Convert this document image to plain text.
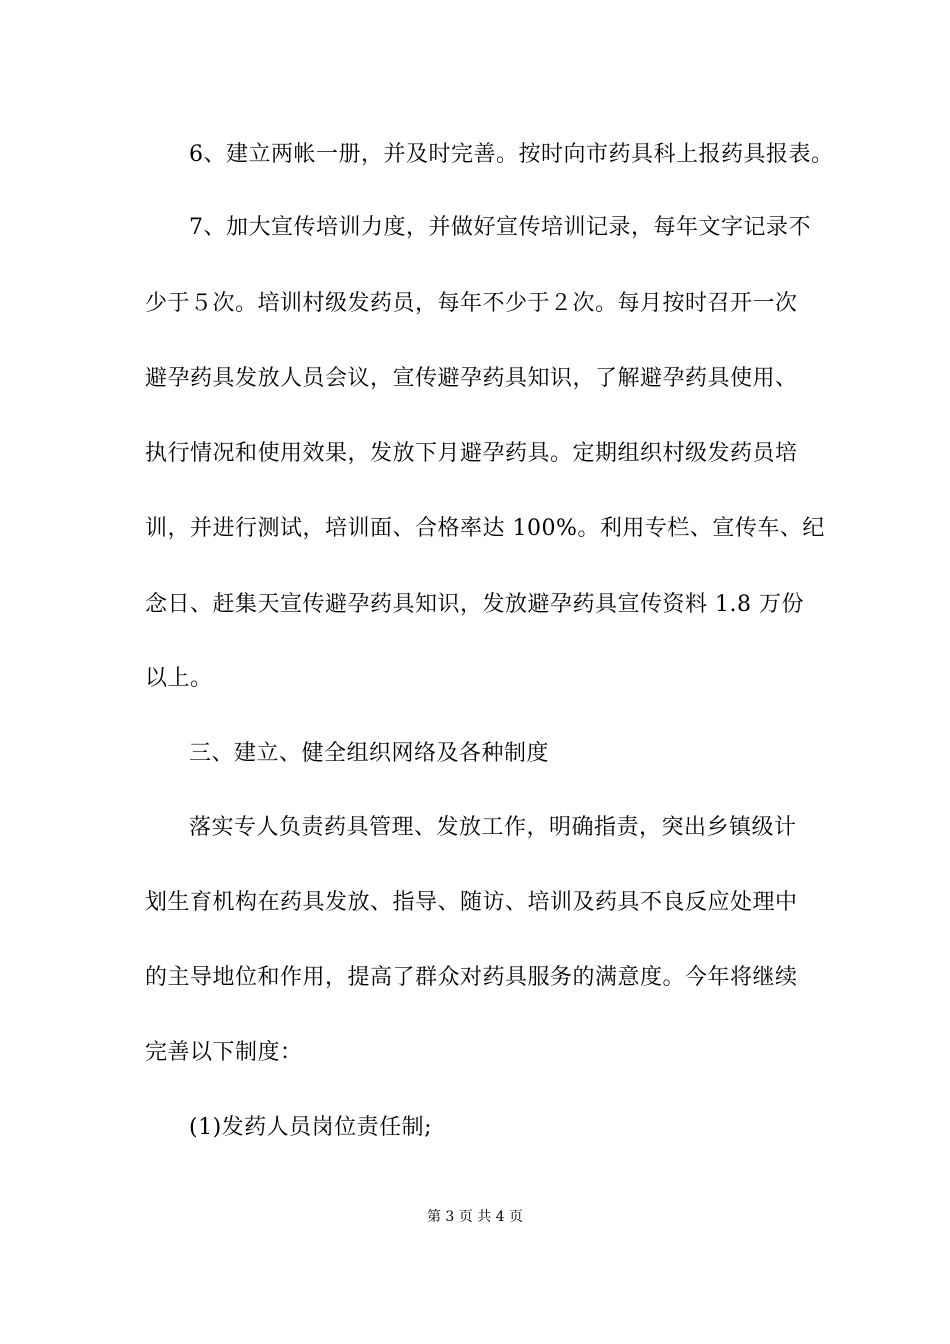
6、建立两帐一册，并及时完善。按时向市药具科上报药具报表。
7、加大宣传培训力度，并做好宣传培训记录，每年文字记录不
少于５次。培训村级发药员，每年不少于２次。每月按时召开一次
避孕药具发放人员会议，宣传避孕药具知识，了解避孕药具使用、
执行情况和使用效果，发放下月避孕药具。定期组织村级发药员培
训，并进行测试，培训面、合格率达 100%。利用专栏、宣传车、纪
念日、赶集天宣传避孕药具知识，发放避孕药具宣传资料 1.8 万份
以上。
三、建立、健全组织网络及各种制度
落实专人负责药具管理、发放工作，明确指责，突出乡镇级计
划生育机构在药具发放、指导、随访、培训及药具不良反应处理中
的主导地位和作用，提高了群众对药具服务的满意度。今年将继续
完善以下制度：
(1)发药人员岗位责任制;
第 3 页 共 4 页
